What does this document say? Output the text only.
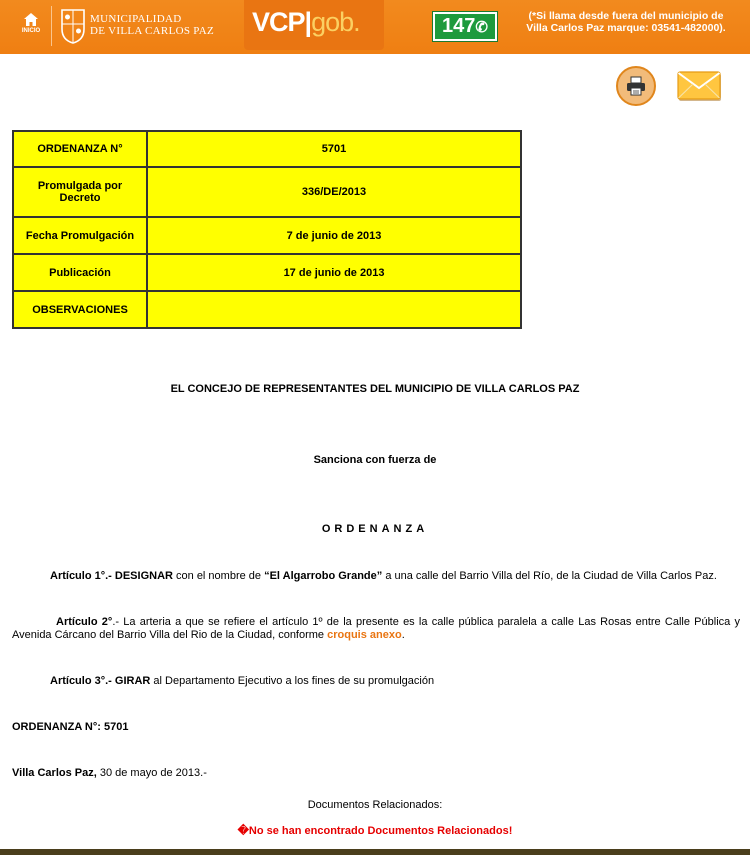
INICIO
MUNICIPALIDAD
DE VILLA CARLOS PAZ VCP|gob.	147✆
(*Si llama desde fuera del municipio de
Villa Carlos Paz marque: 03541-482000).
ORDENANZA N°	5701
Promulgada por Decreto	336/DE/2013
Fecha Promulgación	7 de junio de 2013
Publicación	17 de junio de 2013
OBSERVACIONES	
EL CONCEJO DE REPRESENTANTES DEL MUNICIPIO DE VILLA CARLOS PAZ
Sanciona con fuerza de
ORDENANZA
Artículo 1°.- DESIGNAR con el nombre de “El Algarrobo Grande” a una calle del Barrio Villa del Río, de la Ciudad de Villa Carlos Paz.
Artículo 2°.- La arteria a que se refiere el artículo 1º de la presente es la calle pública paralela a calle Las Rosas entre Calle Pública y Avenida Cárcano del Barrio Villa del Rio de la Ciudad, conforme croquis anexo.
Artículo 3°.- GIRAR al Departamento Ejecutivo a los fines de su promulgación
ORDENANZA N°: 5701
Villa Carlos Paz, 30 de mayo de 2013.-
Documentos Relacionados:
�No se han encontrado Documentos Relacionados!
